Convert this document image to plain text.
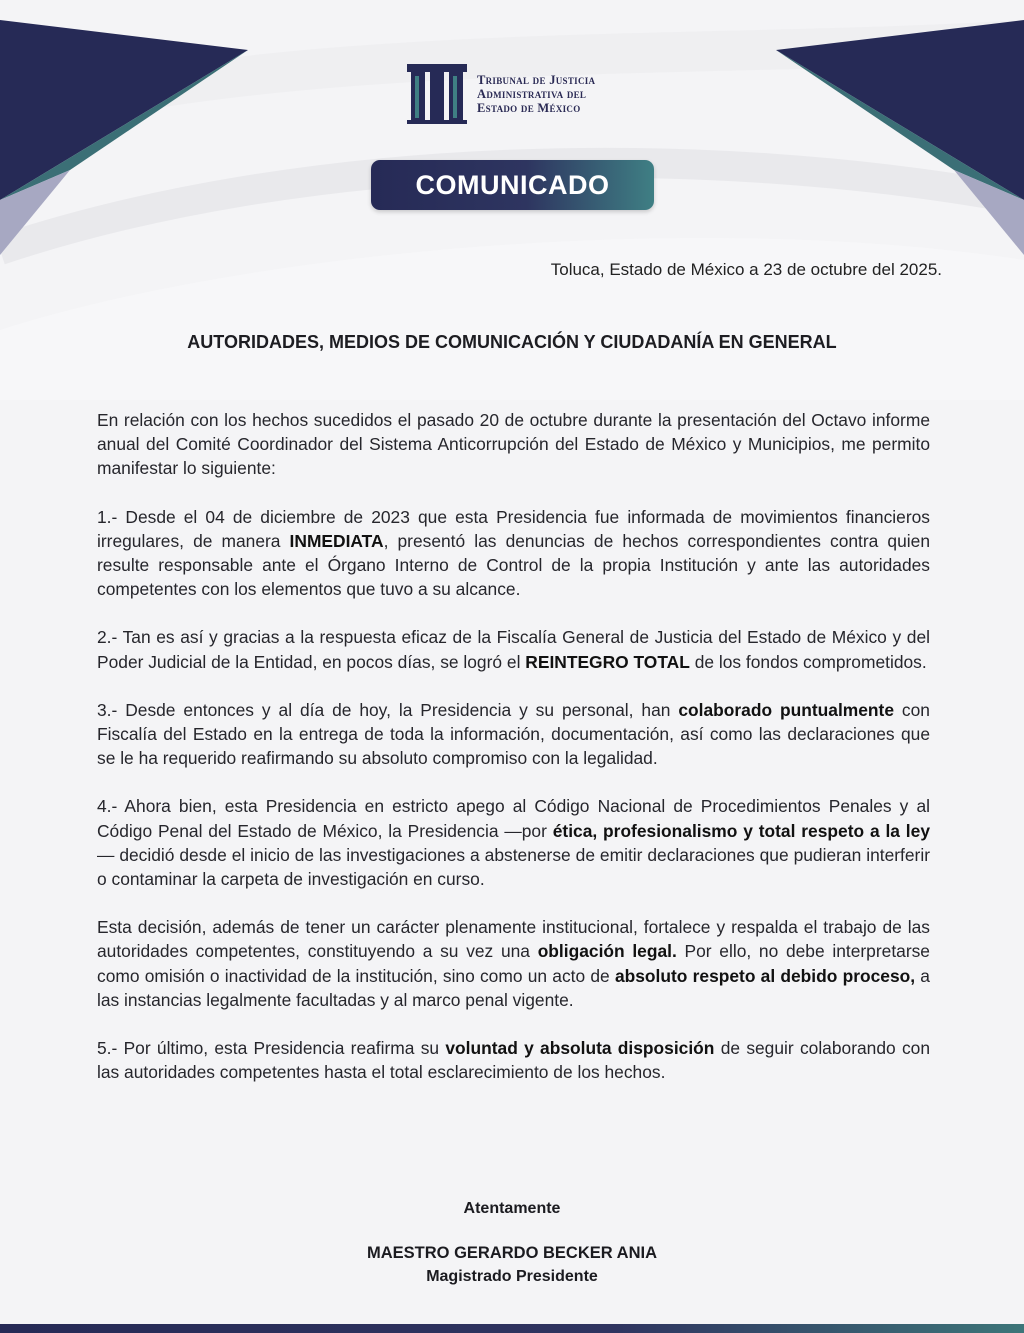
Tribunal de Justicia
Administrativa del
Estado de México
COMUNICADO
Toluca, Estado de México a 23 de octubre del 2025.
AUTORIDADES, MEDIOS DE COMUNICACIÓN Y CIUDADANÍA EN GENERAL

En relación con los hechos sucedidos el pasado 20 de octubre durante la presentación del Octavo informe anual del Comité Coordinador del Sistema Anticorrupción del Estado de México y Municipios, me permito manifestar lo siguiente:

1.- Desde el 04 de diciembre de 2023 que esta Presidencia fue informada de movimientos financieros irregulares, de manera INMEDIATA, presentó las denuncias de hechos correspondientes contra quien resulte responsable ante el Órgano Interno de Control de la propia Institución y ante las autoridades competentes con los elementos que tuvo a su alcance.

2.- Tan es así y gracias a la respuesta eficaz de la Fiscalía General de Justicia del Estado de México y del Poder Judicial de la Entidad, en pocos días, se logró el REINTEGRO TOTAL de los fondos comprometidos.

3.- Desde entonces y al día de hoy, la Presidencia y su personal, han colaborado puntualmente con Fiscalía del Estado en la entrega de toda la información, documentación, así como las declaraciones que se le ha requerido reafirmando su absoluto compromiso con la legalidad.

4.- Ahora bien, esta Presidencia en estricto apego al Código Nacional de Procedimientos Penales y al Código Penal del Estado de México, la Presidencia —por ética, profesionalismo y total respeto a la ley— decidió desde el inicio de las investigaciones a abstenerse de emitir declaraciones que pudieran interferir o contaminar la carpeta de investigación en curso.

Esta decisión, además de tener un carácter plenamente institucional, fortalece y respalda el trabajo de las autoridades competentes, constituyendo a su vez una obligación legal. Por ello, no debe interpretarse como omisión o inactividad de la institución, sino como un acto de absoluto respeto al debido proceso, a las instancias legalmente facultadas y al marco penal vigente.

5.- Por último, esta Presidencia reafirma su voluntad y absoluta disposición de seguir colaborando con las autoridades competentes hasta el total esclarecimiento de los hechos.

Atentamente
MAESTRO GERARDO BECKER ANIA
Magistrado Presidente
